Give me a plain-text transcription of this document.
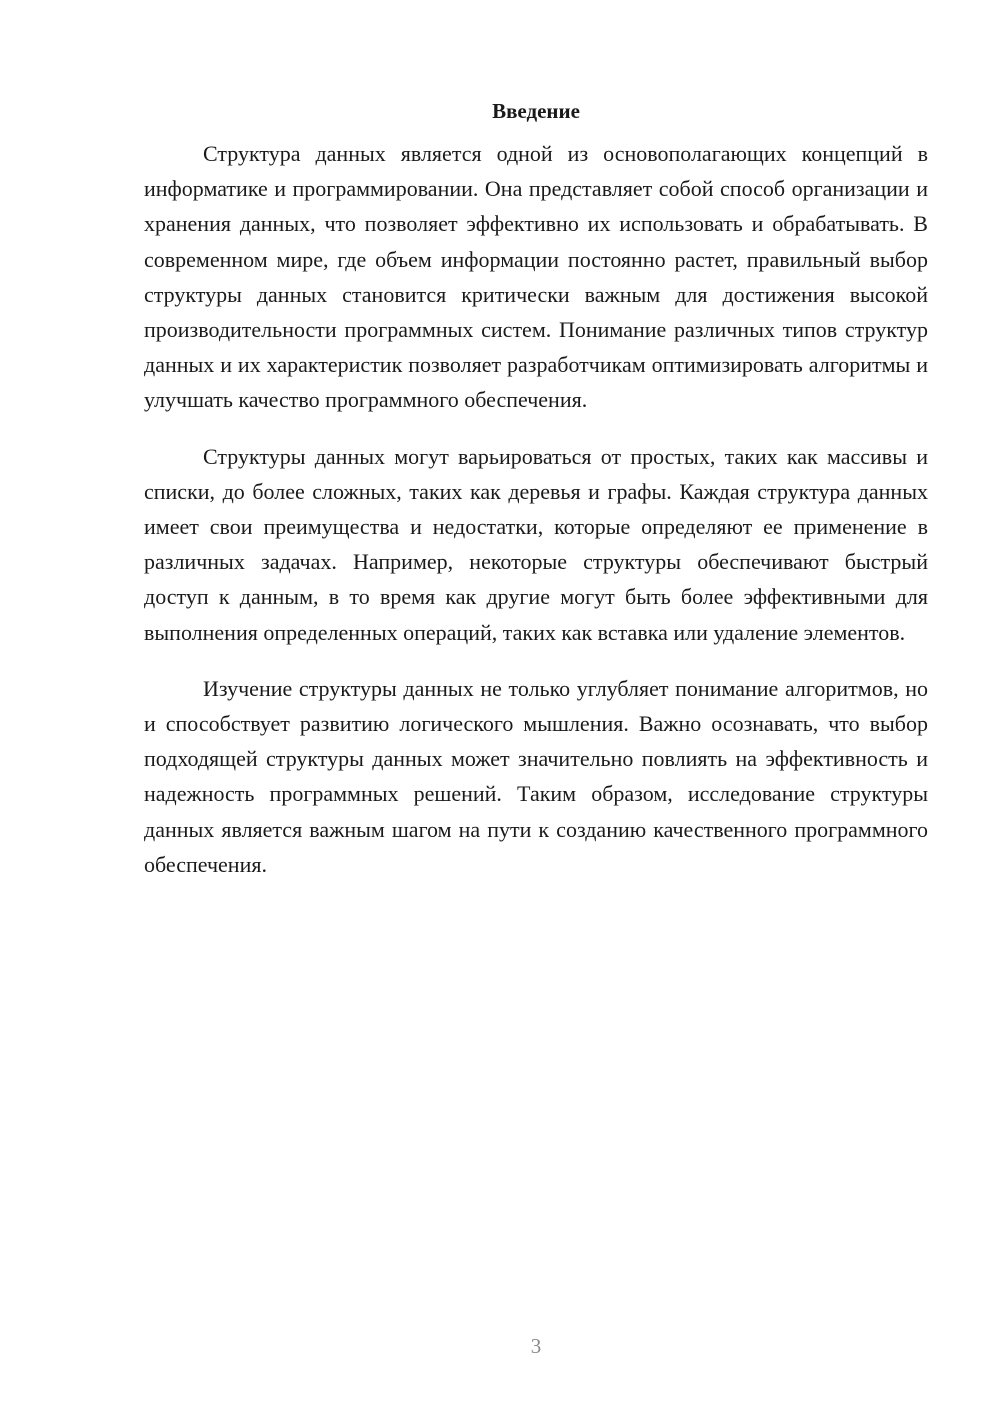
Введение

Структура данных является одной из основополагающих концепций в информатике и программировании. Она представляет собой способ организации и хранения данных, что позволяет эффективно их использовать и обрабатывать. В современном мире, где объем информации постоянно растет, правильный выбор структуры данных становится критически важным для достижения высокой производительности программных систем. Понимание различных типов структур данных и их характеристик позволяет разработчикам оптимизировать алгоритмы и улучшать качество программного обеспечения.

Структуры данных могут варьироваться от простых, таких как массивы и списки, до более сложных, таких как деревья и графы. Каждая структура данных имеет свои преимущества и недостатки, которые определяют ее применение в различных задачах. Например, некоторые структуры обеспечивают быстрый доступ к данным, в то время как другие могут быть более эффективными для выполнения определенных операций, таких как вставка или удаление элементов.

Изучение структуры данных не только углубляет понимание алгоритмов, но и способствует развитию логического мышления. Важно осознавать, что выбор подходящей структуры данных может значительно повлиять на эффективность и надежность программных решений. Таким образом, исследование структуры данных является важным шагом на пути к созданию качественного программного обеспечения.

3
